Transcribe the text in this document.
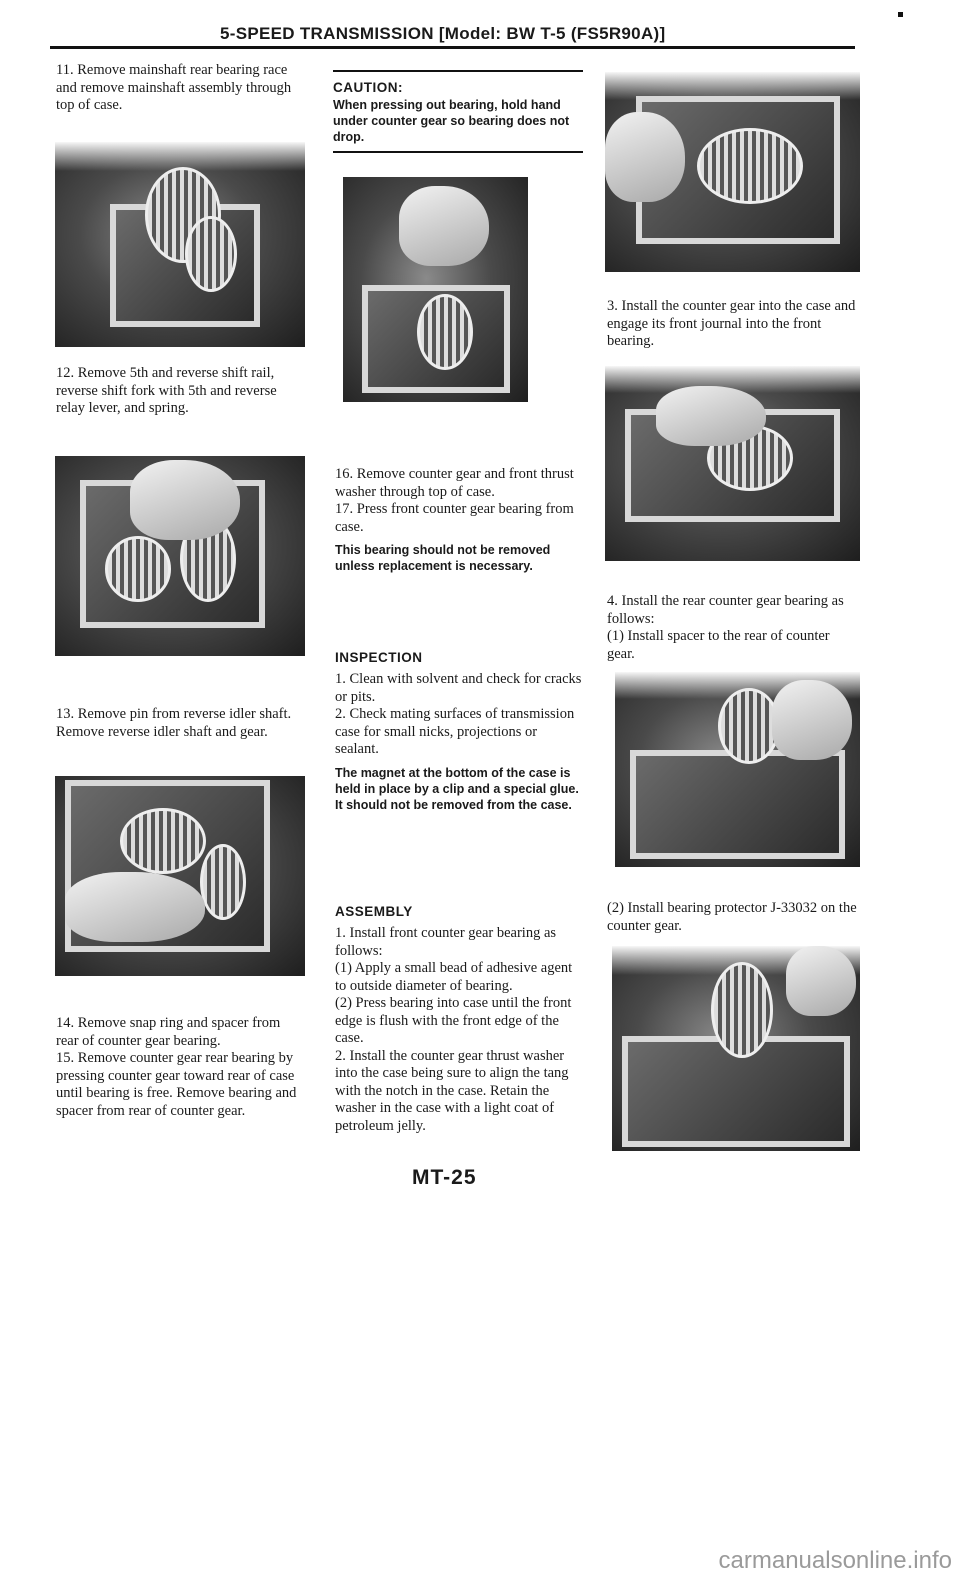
5-SPEED TRANSMISSION [Model: BW T-5 (FS5R90A)]

11. Remove mainshaft rear bearing race and remove mainshaft assembly through top of case.

12. Remove 5th and reverse shift rail, reverse shift fork with 5th and reverse relay lever, and spring.

13. Remove pin from reverse idler shaft. Remove reverse idler shaft and gear.

14. Remove snap ring and spacer from rear of counter gear bearing.

15. Remove counter gear rear bearing by pressing counter gear toward rear of case until bearing is free. Remove bearing and spacer from rear of counter gear.

CAUTION:
When pressing out bearing, hold hand under counter gear so bearing does not drop.

16. Remove counter gear and front thrust washer through top of case.

17. Press front counter gear bearing from case.

This bearing should not be removed unless replacement is necessary.

INSPECTION

1. Clean with solvent and check for cracks or pits.

2. Check mating surfaces of transmission case for small nicks, projections or sealant.

The magnet at the bottom of the case is held in place by a clip and a special glue. It should not be removed from the case.

ASSEMBLY

1. Install front counter gear bearing as follows:

(1) Apply a small bead of adhesive agent to outside diameter of bearing.

(2) Press bearing into case until the front edge is flush with the front edge of the case.

2. Install the counter gear thrust washer into the case being sure to align the tang with the notch in the case. Retain the washer in the case with a light coat of petroleum jelly.

3. Install the counter gear into the case and engage its front journal into the front bearing.

4. Install the rear counter gear bearing as follows:

(1) Install spacer to the rear of counter gear.

(2) Install bearing protector J-33032 on the counter gear.

MT-25
carmanualsonline.info
